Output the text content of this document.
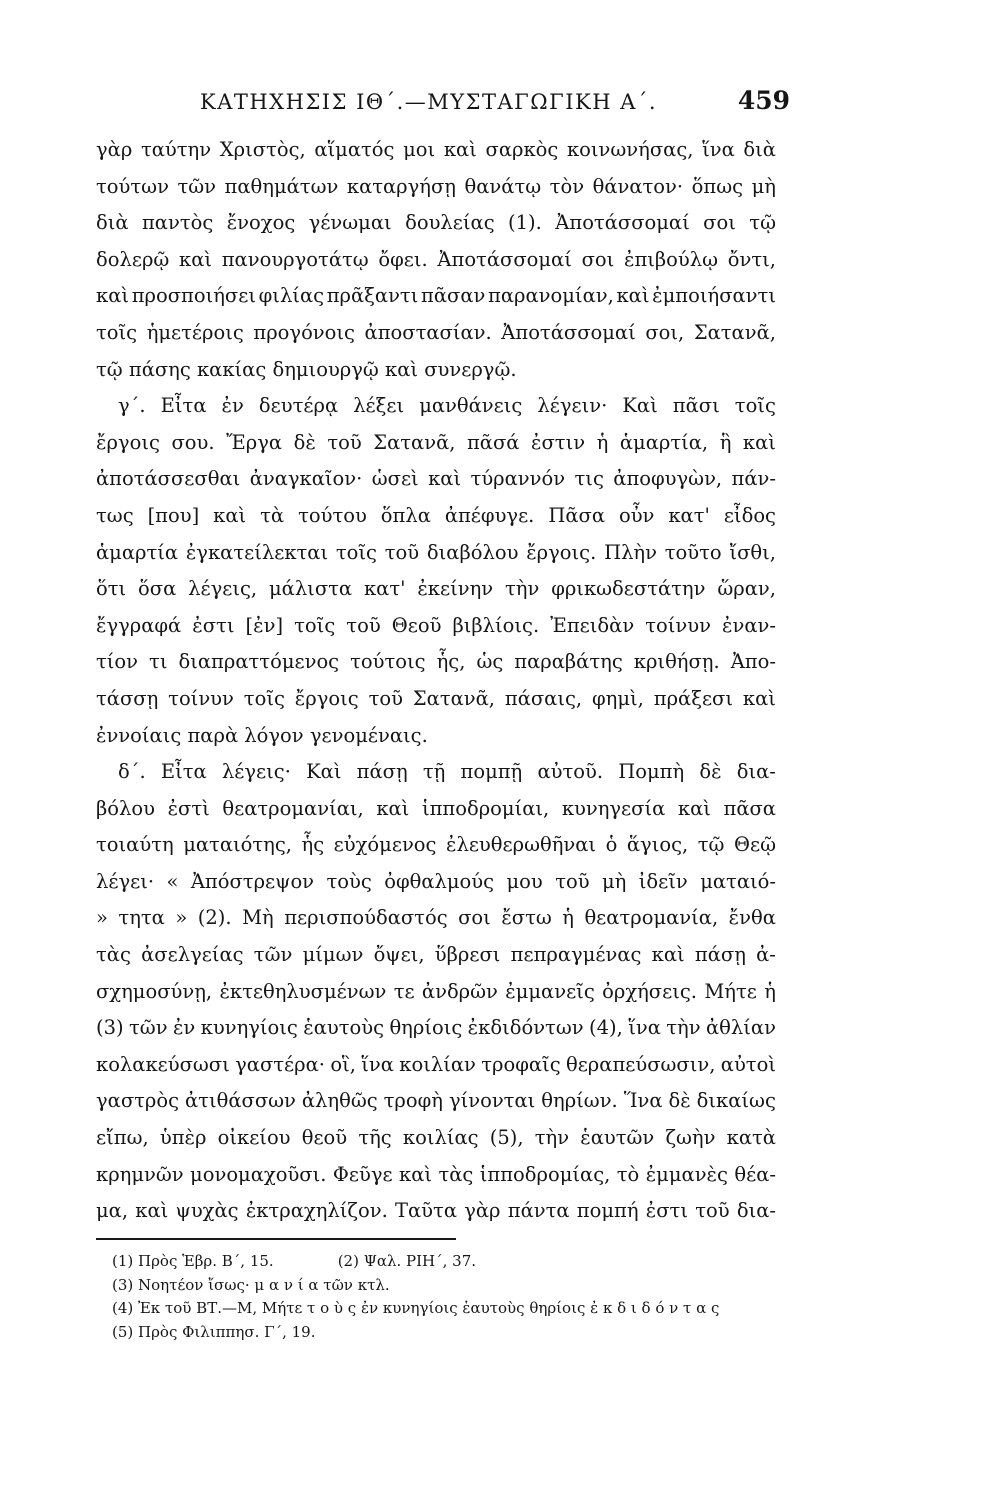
ΚΑΤΗΧΗΣΙΣ ΙΘ΄.—ΜΥΣΤΑΓΩΓΙΚΗ Α΄.	459
γὰρ ταύτην Χριστὸς, αἵματός μοι καὶ σαρκὸς κοινωνήσας, ἵνα διὰ
τούτων τῶν παθημάτων καταργήσῃ θανάτῳ τὸν θάνατον· ὅπως μὴ
διὰ παντὸς ἔνοχος γένωμαι δουλείας (1). Ἀποτάσσομαί σοι τῷ
δολερῷ καὶ πανουργοτάτῳ ὄφει. Ἀποτάσσομαί σοι ἐπιβούλῳ ὄντι,
καὶ προσποιήσει φιλίας πρᾶξαντι πᾶσαν παρανομίαν, καὶ ἐμποιήσαντι
τοῖς ἡμετέροις προγόνοις ἀποστασίαν. Ἀποτάσσομαί σοι, Σατανᾶ,
τῷ πάσης κακίας δημιουργῷ καὶ συνεργῷ.
γ΄. Εἶτα ἐν δευτέρᾳ λέξει μανθάνεις λέγειν· Καὶ πᾶσι τοῖς
ἔργοις σου. Ἔργα δὲ τοῦ Σατανᾶ, πᾶσά ἐστιν ἡ ἁμαρτία, ἣ καὶ
ἀποτάσσεσθαι ἀναγκαῖον· ὡσεὶ καὶ τύραννόν τις ἀποφυγὼν, πάν-
τως [που] καὶ τὰ τούτου ὅπλα ἀπέφυγε. Πᾶσα οὖν κατ' εἶδος
ἁμαρτία ἐγκατείλεκται τοῖς τοῦ διαβόλου ἔργοις. Πλὴν τοῦτο ἴσθι,
ὅτι ὅσα λέγεις, μάλιστα κατ' ἐκείνην τὴν φρικωδεστάτην ὥραν,
ἔγγραφά ἐστι [ἐν] τοῖς τοῦ Θεοῦ βιβλίοις. Ἐπειδὰν τοίνυν ἐναν-
τίον τι διαπραττόμενος τούτοις ἧς, ὡς παραβάτης κριθήσῃ. Ἀπο-
τάσσῃ τοίνυν τοῖς ἔργοις τοῦ Σατανᾶ, πάσαις, φημὶ, πράξεσι καὶ
ἐννοίαις παρὰ λόγον γενομέναις.
δ΄. Εἶτα λέγεις· Καὶ πάσῃ τῇ πομπῇ αὐτοῦ. Πομπὴ δὲ δια-
βόλου ἐστὶ θεατρομανίαι, καὶ ἱπποδρομίαι, κυνηγεσία καὶ πᾶσα
τοιαύτη ματαιότης, ἧς εὐχόμενος ἐλευθερωθῆναι ὁ ἅγιος, τῷ Θεῷ
λέγει· « Ἀπόστρεψον τοὺς ὀφθαλμούς μου τοῦ μὴ ἰδεῖν ματαιό-
» τητα » (2). Μὴ περισπούδαστός σοι ἔστω ἡ θεατρομανία, ἔνθα
τὰς ἀσελγείας τῶν μίμων ὄψει, ὕβρεσι πεπραγμένας καὶ πάσῃ ἀ-
σχημοσύνῃ, ἐκτεθηλυσμένων τε ἀνδρῶν ἐμμανεῖς ὀρχήσεις. Μήτε ἡ
(3) τῶν ἐν κυνηγίοις ἑαυτοὺς θηρίοις ἐκδιδόντων (4), ἵνα τὴν ἀθλίαν
κολακεύσωσι γαστέρα· οἳ, ἵνα κοιλίαν τροφαῖς θεραπεύσωσιν, αὐτοὶ
γαστρὸς ἀτιθάσσων ἀληθῶς τροφὴ γίνονται θηρίων. Ἵνα δὲ δικαίως
εἴπω, ὑπὲρ οἰκείου θεοῦ τῆς κοιλίας (5), τὴν ἑαυτῶν ζωὴν κατὰ
κρημνῶν μονομαχοῦσι. Φεῦγε καὶ τὰς ἱπποδρομίας, τὸ ἐμμανὲς θέα-
μα, καὶ ψυχὰς ἐκτραχηλίζον. Ταῦτα γὰρ πάντα πομπή ἐστι τοῦ δια-
(1) Πρὸς Ἑβρ. Β΄, 15.	(2) Ψαλ. ΡΙΗ΄, 37.
(3) Νοητέον ἴσως· μ α ν ί α τῶν κτλ.
(4) Ἐκ τοῦ ΒΤ.—Μ, Μήτε τ ο ὺ ς ἐν κυνηγίοις ἑαυτοὺς θηρίοις ἐ κ δ ι δ ό ν τ α ς
(5) Πρὸς Φιλιππησ. Γ΄, 19.
